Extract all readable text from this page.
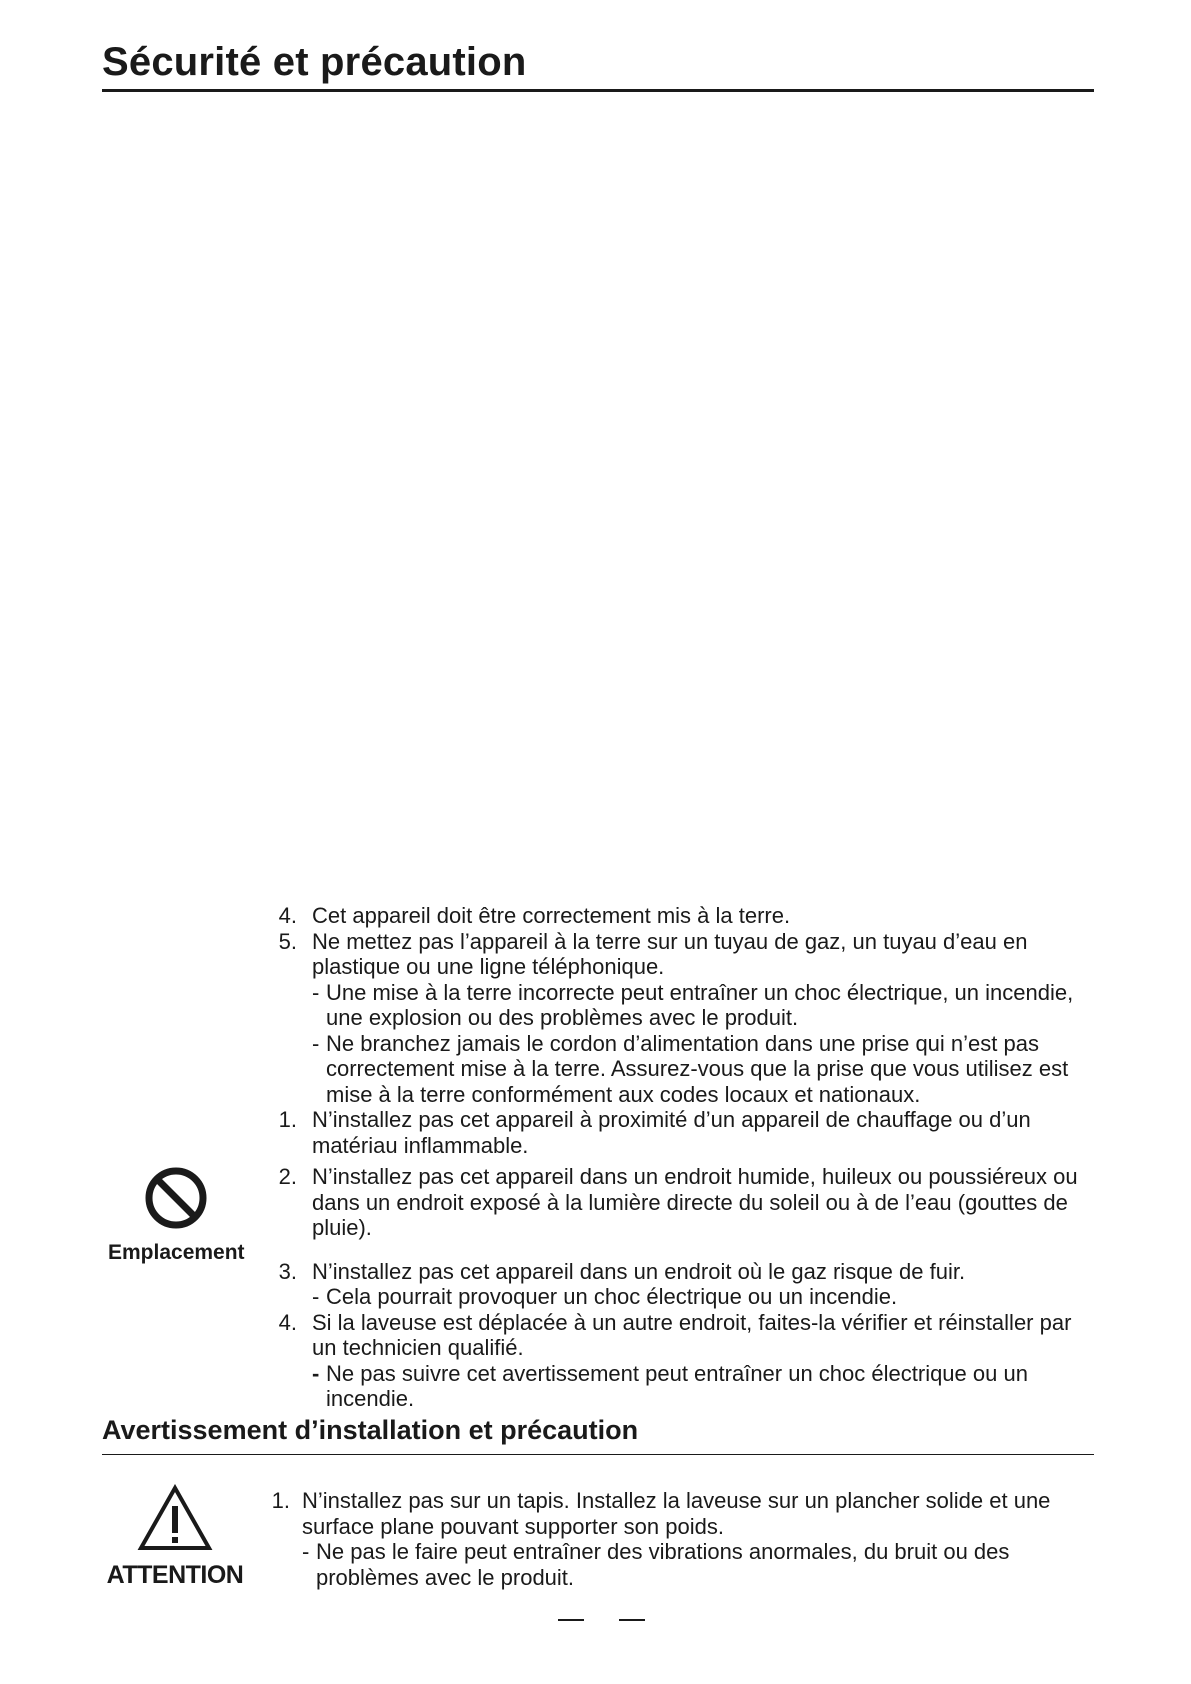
Sécurité et précaution
4. Cet appareil doit être correctement mis à la terre.
5. Ne mettez pas l’appareil à la terre sur un tuyau de gaz, un tuyau d’eau en plastique ou une ligne téléphonique.
- Une mise à la terre incorrecte peut entraîner un choc électrique, un incendie, une explosion ou des problèmes avec le produit.
- Ne branchez jamais le cordon d’alimentation dans une prise qui n’est pas correctement mise à la terre. Assurez-vous que la prise que vous utilisez est mise à la terre conformément aux codes locaux et nationaux.
1. N’installez pas cet appareil à proximité d’un appareil de chauffage ou d’un matériau inflammable.
2. N’installez pas cet appareil dans un endroit humide, huileux ou poussiéreux ou dans un endroit exposé à la lumière directe du soleil ou à de l’eau (gouttes de pluie).
3. N’installez pas cet appareil dans un endroit où le gaz risque de fuir.
- Cela pourrait provoquer un choc électrique ou un incendie.
4. Si la laveuse est déplacée à un autre endroit, faites-la vérifier et réinstaller par un technicien qualifié.
- Ne pas suivre cet avertissement peut entraîner un choc électrique ou un incendie.
Emplacement
Avertissement d’installation et précaution
ATTENTION
1. N’installez pas sur un tapis. Installez la laveuse sur un plancher solide et une surface plane pouvant supporter son poids.
- Ne pas le faire peut entraîner des vibrations anormales, du bruit ou des problèmes avec le produit.
